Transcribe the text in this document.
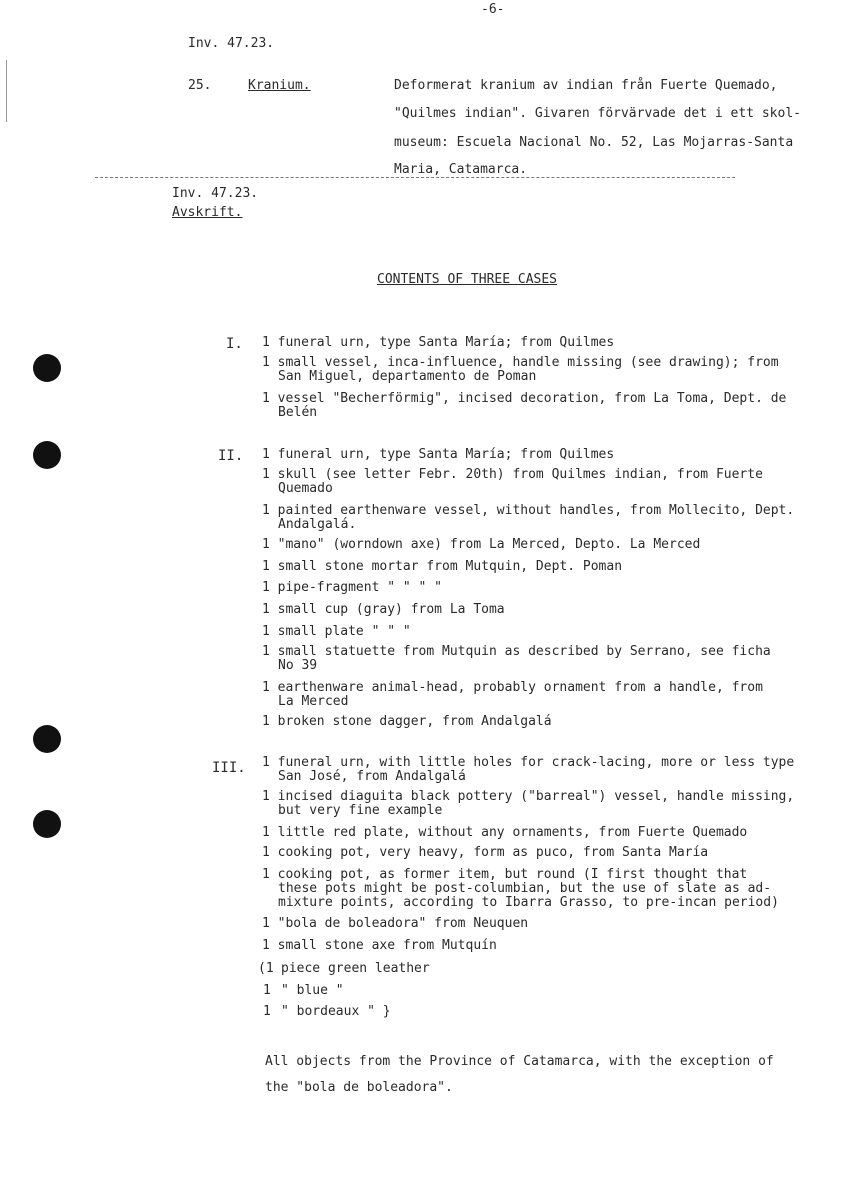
-6-
Inv. 47.23.
25.	Kranium.	Deformerat kranium av indian från Fuerte Quemado,
"Quilmes indian". Givaren förvärvade det i ett skol-
museum: Escuela Nacional No. 52, Las Mojarras-Santa
Maria, Catamarca.
Inv. 47.23.
Avskrift.
CONTENTS OF THREE CASES
I. 1 funeral urn, type Santa María; from Quilmes
1 small vessel, inca-influence, handle missing (see drawing); from
San Miguel, departamento de Poman
1 vessel "Becherförmig", incised decoration, from La Toma, Dept. de
Belén
II. 1 funeral urn, type Santa María; from Quilmes
1 skull (see letter Febr. 20th) from Quilmes indian, from Fuerte
Quemado
1 painted earthenware vessel, without handles, from Mollecito, Dept.
Andalgalá.
1 "mano" (worndown axe) from La Merced, Depto. La Merced
1 small stone mortar from Mutquin, Dept. Poman
1 pipe-fragment " " " "
1 small cup (gray) from La Toma
1 small plate " " "
1 small statuette from Mutquin as described by Serrano, see ficha
No 39
1 earthenware animal-head, probably ornament from a handle, from
La Merced
1 broken stone dagger, from Andalgalá
III. 1 funeral urn, with little holes for crack-lacing, more or less type
San José, from Andalgalá
1 incised diaguita black pottery ("barreal") vessel, handle missing,
but very fine example
1 little red plate, without any ornaments, from Fuerte Quemado
1 cooking pot, very heavy, form as puco, from Santa María
1 cooking pot, as former item, but round (I first thought that
these pots might be post-columbian, but the use of slate as ad-
mixture points, according to Ibarra Grasso, to pre-incan period)
1 "bola de boleadora" from Neuquen
1 small stone axe from Mutquín
(1 piece green leather
1 " blue "
1 " bordeaux " }
All objects from the Province of Catamarca, with the exception of
the "bola de boleadora".
